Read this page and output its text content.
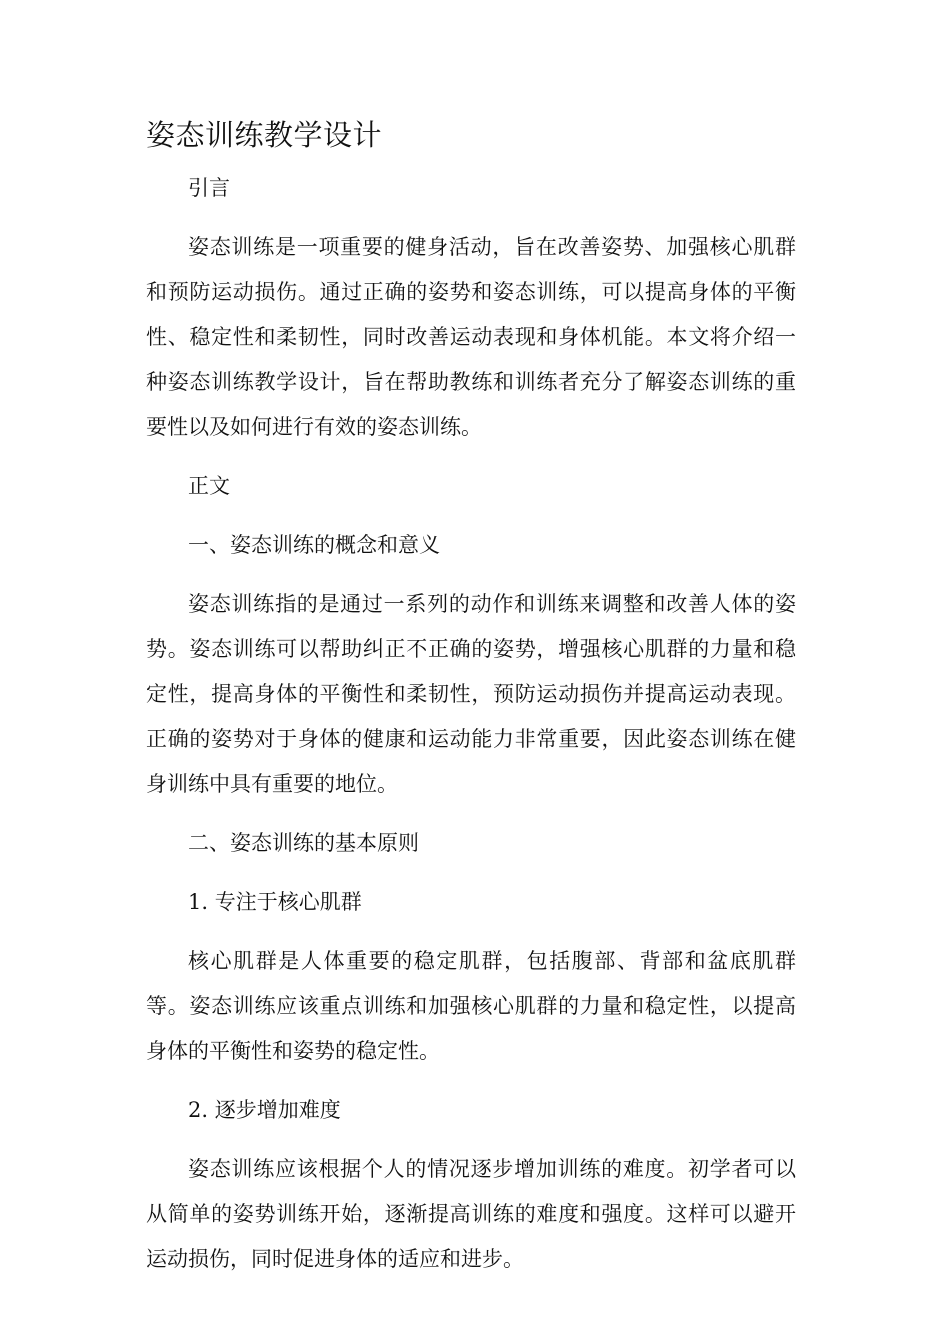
姿态训练教学设计

引言

姿态训练是一项重要的健身活动，旨在改善姿势、加强核心肌群和预防运动损伤。通过正确的姿势和姿态训练，可以提高身体的平衡性、稳定性和柔韧性，同时改善运动表现和身体机能。本文将介绍一种姿态训练教学设计，旨在帮助教练和训练者充分了解姿态训练的重要性以及如何进行有效的姿态训练。

正文

一、姿态训练的概念和意义

姿态训练指的是通过一系列的动作和训练来调整和改善人体的姿势。姿态训练可以帮助纠正不正确的姿势，增强核心肌群的力量和稳定性，提高身体的平衡性和柔韧性，预防运动损伤并提高运动表现。正确的姿势对于身体的健康和运动能力非常重要，因此姿态训练在健身训练中具有重要的地位。

二、姿态训练的基本原则

1. 专注于核心肌群

核心肌群是人体重要的稳定肌群，包括腹部、背部和盆底肌群等。姿态训练应该重点训练和加强核心肌群的力量和稳定性，以提高身体的平衡性和姿势的稳定性。

2. 逐步增加难度

姿态训练应该根据个人的情况逐步增加训练的难度。初学者可以从简单的姿势训练开始，逐渐提高训练的难度和强度。这样可以避开运动损伤，同时促进身体的适应和进步。
